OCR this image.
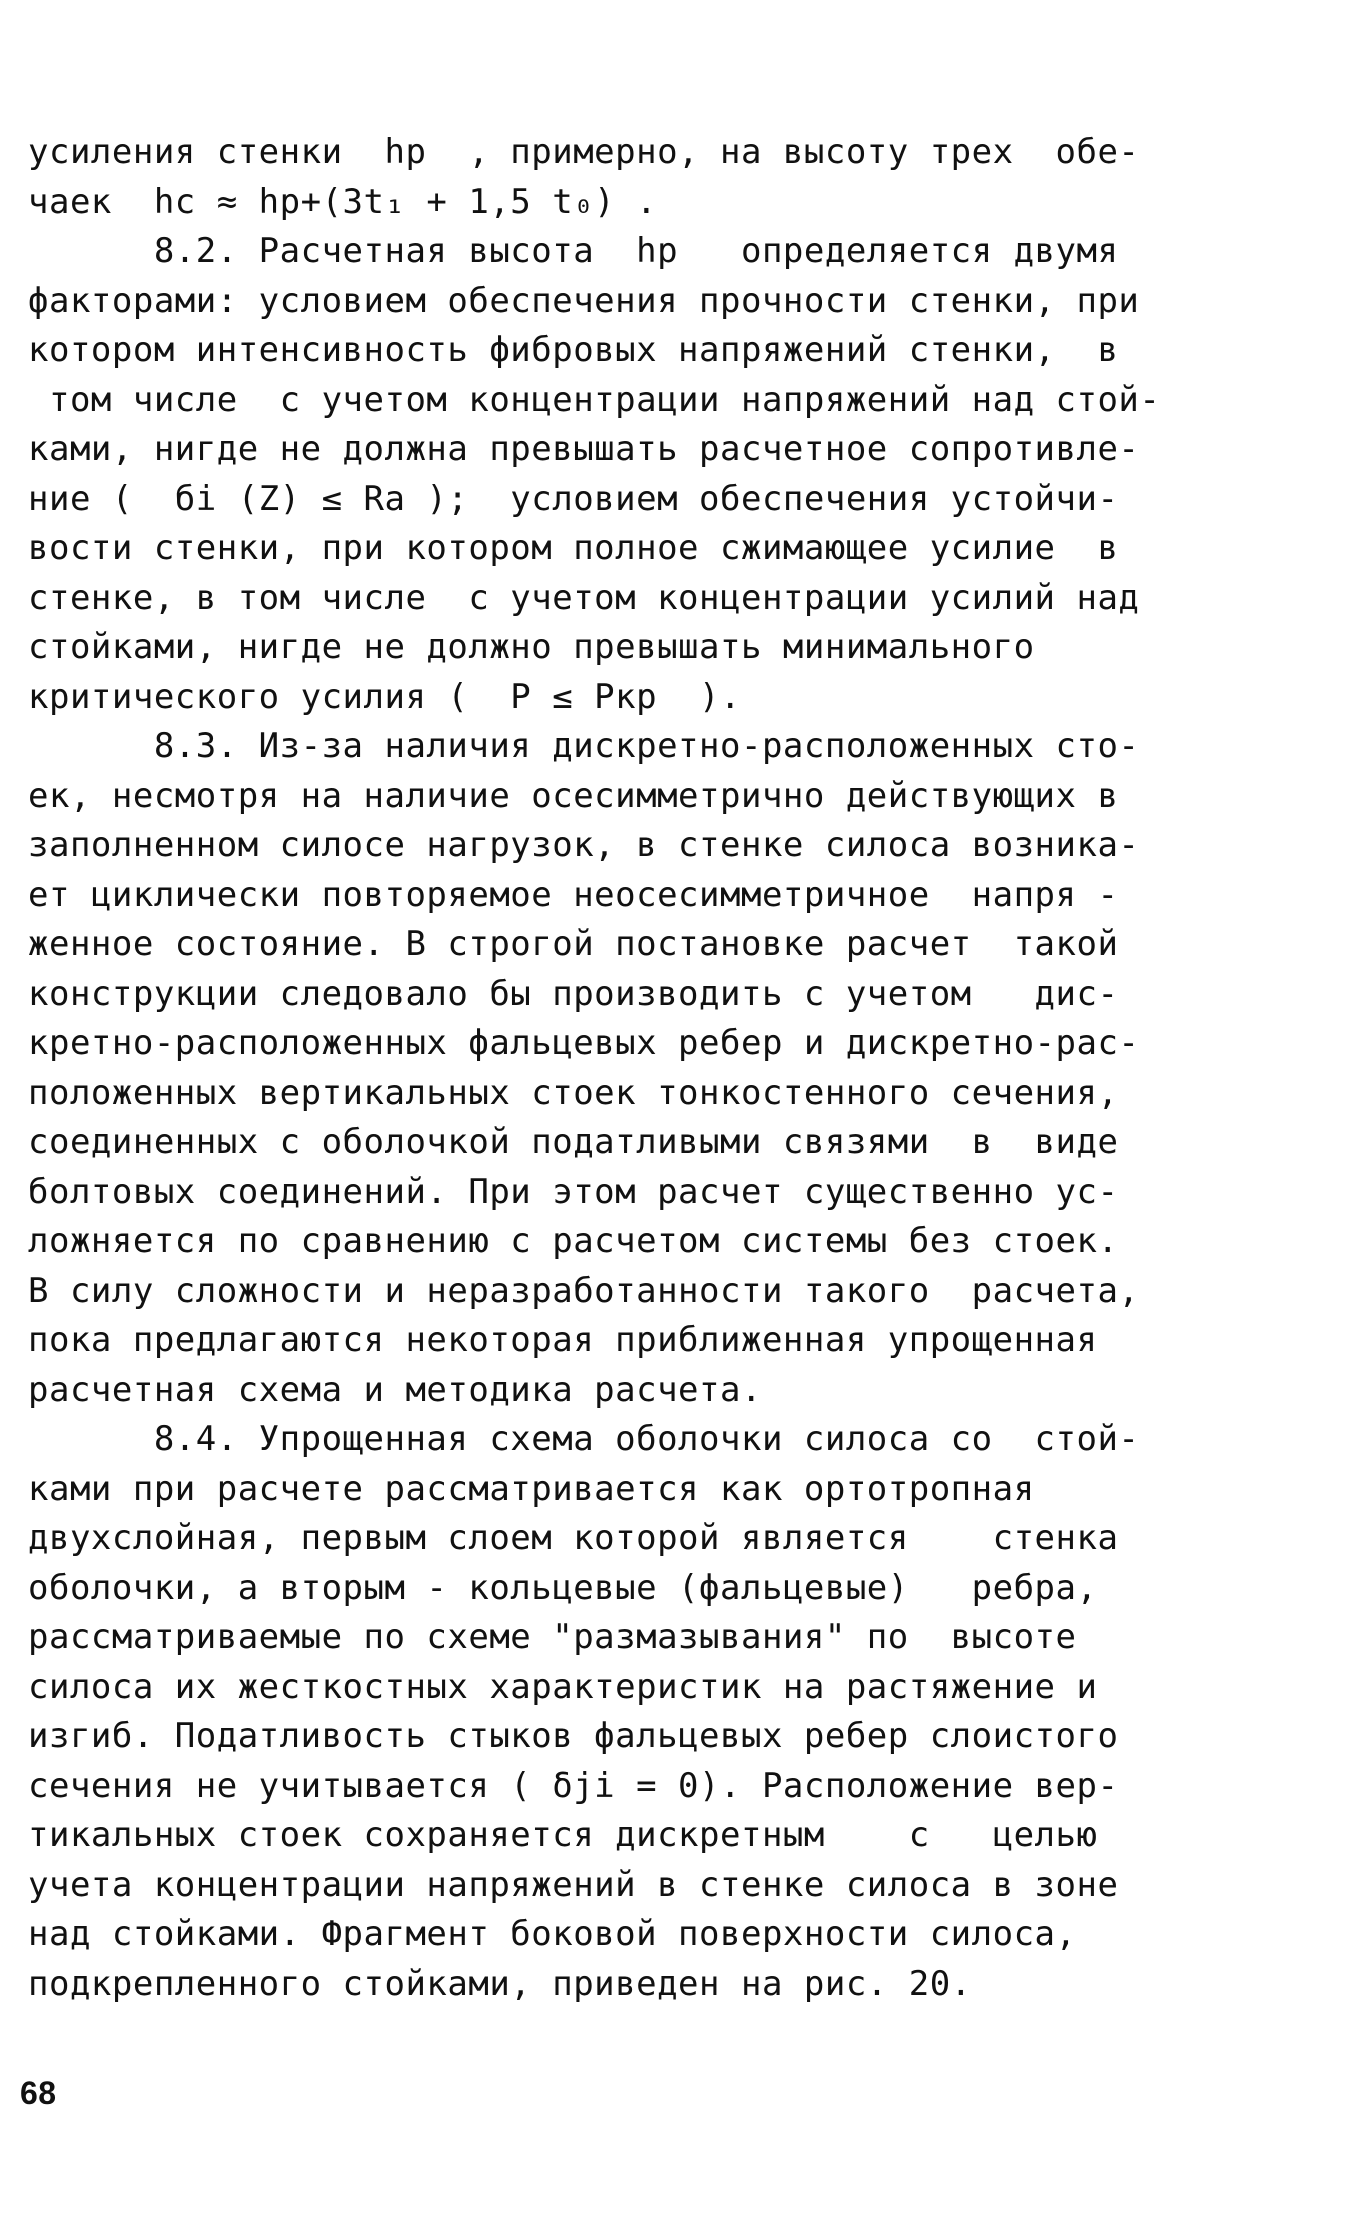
усиления стенки  hр  , примерно, на высоту трех  обе-
чаек  hс ≈ hр+(3t₁ + 1,5 t₀) .
8.2. Расчетная высота  hр   определяется двумя
факторами: условием обеспечения прочности стенки, при
котором интенсивность фибровых напряжений стенки,  в
том числе  с учетом концентрации напряжений над стой-
ками, нигде не должна превышать расчетное сопротивле-
ние (  бi (Z) ≤ Ra );  условием обеспечения устойчи-
вости стенки, при котором полное сжимающее усилие  в
стенке, в том числе  с учетом концентрации усилий над
стойками, нигде не должно превышать минимального
критического усилия (  P ≤ Pкр  ).
8.3. Из-за наличия дискретно-расположенных сто-
ек, несмотря на наличие осесимметрично действующих в
заполненном силосе нагрузок, в стенке силоса возника-
ет циклически повторяемое неосесимметричное  напря -
женное состояние. В строгой постановке расчет  такой
конструкции следовало бы производить с учетом   дис-
кретно-расположенных фальцевых ребер и дискретно-рас-
положенных вертикальных стоек тонкостенного сечения,
соединенных с оболочкой податливыми связями  в  виде
болтовых соединений. При этом расчет существенно ус-
ложняется по сравнению с расчетом системы без стоек.
В силу сложности и неразработанности такого  расчета,
пока предлагаются некоторая приближенная упрощенная
расчетная схема и методика расчета.
8.4. Упрощенная схема оболочки силоса со  стой-
ками при расчете рассматривается как ортотропная
двухслойная, первым слоем которой является    стенка
оболочки, а вторым - кольцевые (фальцевые)   ребра,
рассматриваемые по схеме "размазывания" по  высоте
силоса их жесткостных характеристик на растяжение и
изгиб. Податливость стыков фальцевых ребер слоистого
сечения не учитывается ( δji = 0). Расположение вер-
тикальных стоек сохраняется дискретным    с   целью
учета концентрации напряжений в стенке силоса в зоне
над стойками. Фрагмент боковой поверхности силоса,
подкрепленного стойками, приведен на рис. 20.
68
